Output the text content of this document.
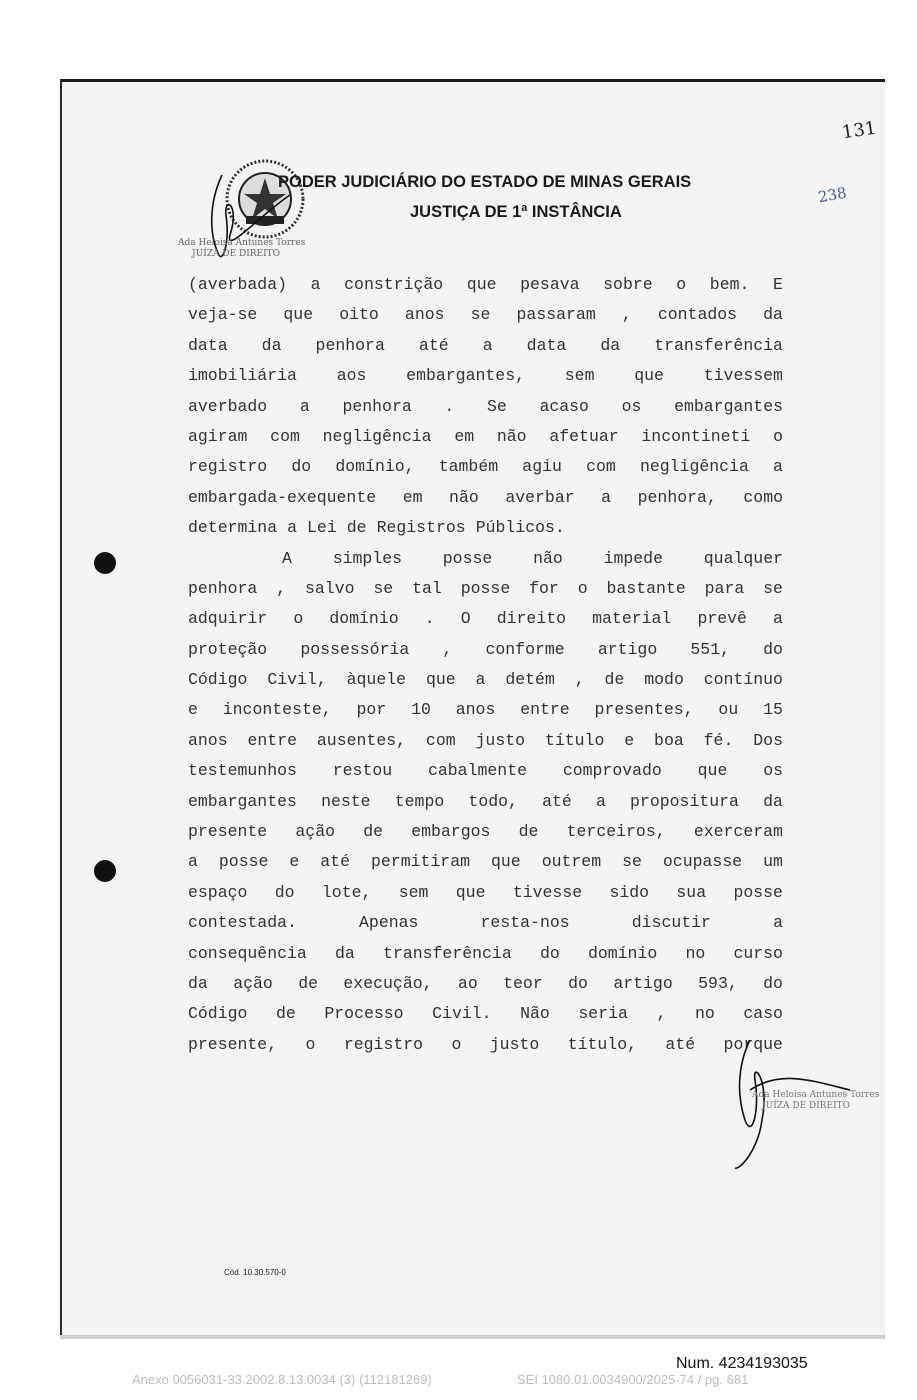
Ada Heloisa Antunes Torres
JUÍZA DE DIREITO
PODER JUDICIÁRIO DO ESTADO DE MINAS GERAIS
JUSTIÇA DE 1ª INSTÂNCIA
131
238
(averbada) a constrição que pesava sobre o bem. E
veja-se que oito anos se passaram , contados da
data da penhora até a data da transferência
imobiliária aos embargantes, sem que tivessem
averbado a penhora . Se acaso os embargantes
agiram com negligência em não afetuar incontineti o
registro do domínio, também agiu com negligência a
embargada-exequente em não averbar a penhora, como
determina a Lei de Registros Públicos.
A simples posse não impede qualquer
penhora , salvo se tal posse for o bastante para se
adquirir o domínio . O direito material prevê a
proteção possessória , conforme artigo 551, do
Código Civil, àquele que a detém , de modo contínuo
e inconteste, por 10 anos entre presentes, ou 15
anos entre ausentes, com justo título e boa fé. Dos
testemunhos restou cabalmente comprovado que os
embargantes neste tempo todo, até a propositura da
presente ação de embargos de terceiros, exerceram
a posse e até permitiram que outrem se ocupasse um
espaço do lote, sem que tivesse sido sua posse
contestada.	Apenas	resta-nos	discutir	a
consequência da transferência do domínio no curso
da ação de execução, ao teor do artigo 593, do
Código de Processo Civil. Não seria , no caso
presente, o registro o justo título, até porque
Ada Heloisa Antunes Torres
JUÍZA DE DIREITO
Cód. 10.30.570-0
Num. 4234193035
Anexo 0056031-33.2002.8.13.0034 (3) (112181269)	SEI 1080.01.0034900/2025-74 / pg. 681
